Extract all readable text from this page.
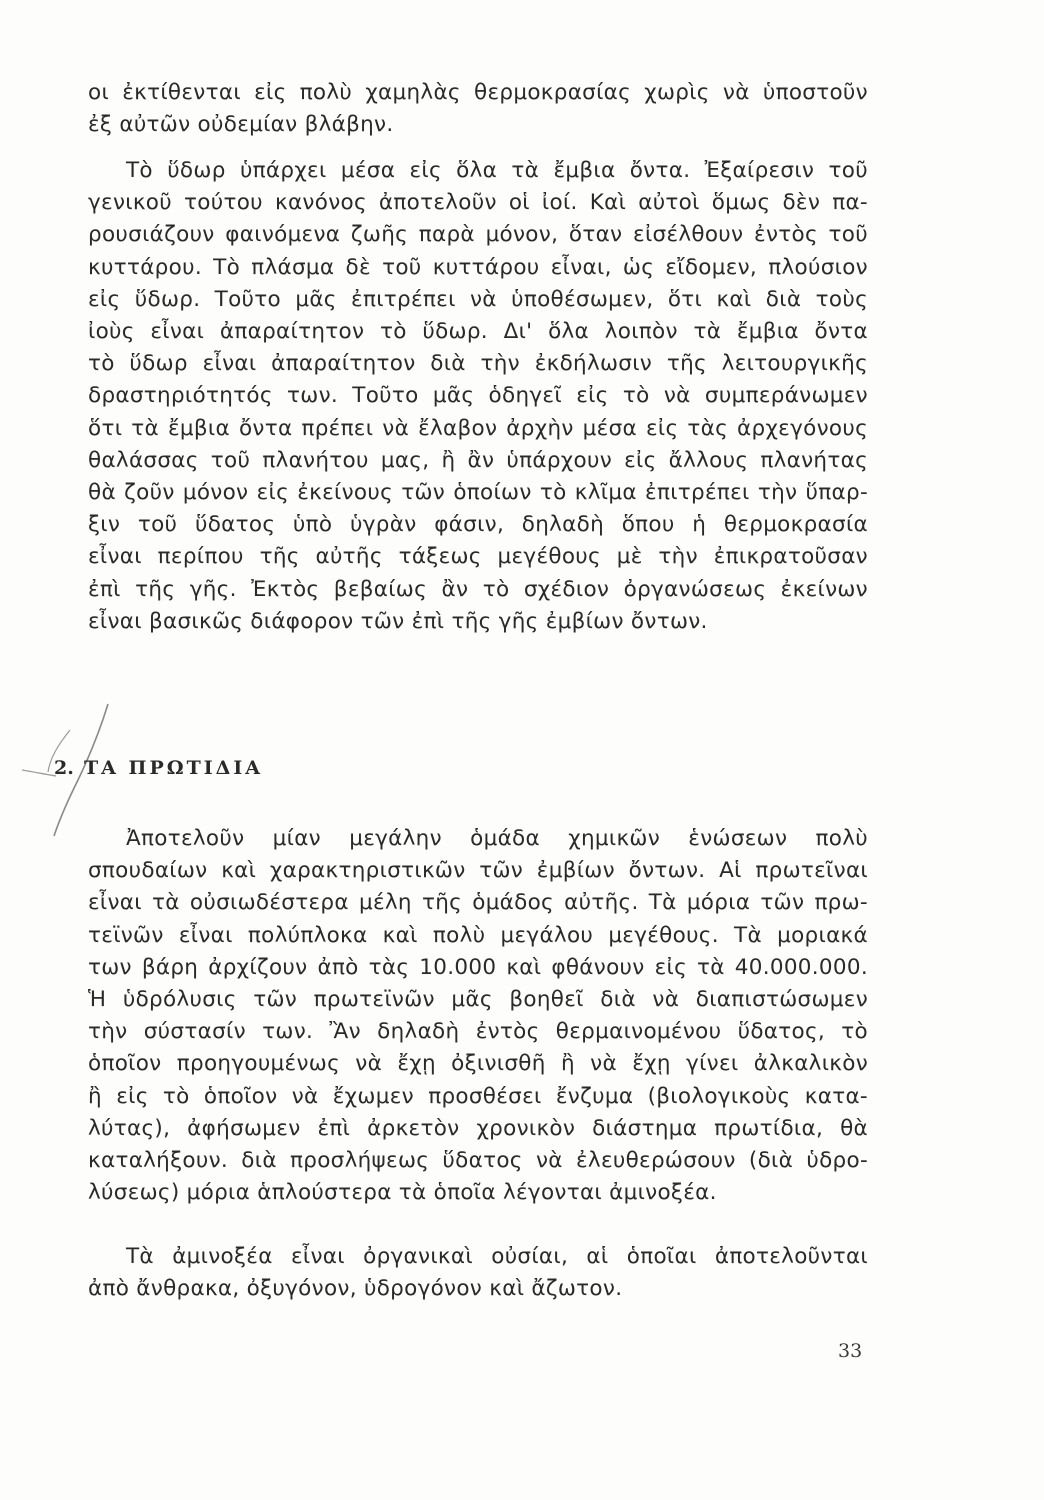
οι ἐκτίθενται εἰς πολὺ χαμηλὰς θερμοκρασίας χωρὶς νὰ ὑποστοῦν
ἐξ αὐτῶν οὐδεμίαν βλάβην.
Τὸ ὕδωρ ὑπάρχει μέσα εἰς ὅλα τὰ ἔμβια ὄντα. Ἐξαίρεσιν τοῦ
γενικοῦ τούτου κανόνος ἀποτελοῦν οἱ ἰοί. Καὶ αὐτοὶ ὅμως δὲν πα-
ρουσιάζουν φαινόμενα ζωῆς παρὰ μόνον, ὅταν εἰσέλθουν ἐντὸς τοῦ
κυττάρου. Τὸ πλάσμα δὲ τοῦ κυττάρου εἶναι, ὡς εἴδομεν, πλούσιον
εἰς ὕδωρ. Τοῦτο μᾶς ἐπιτρέπει νὰ ὑποθέσωμεν, ὅτι καὶ διὰ τοὺς
ἰοὺς εἶναι ἀπαραίτητον τὸ ὕδωρ. Δι' ὅλα λοιπὸν τὰ ἔμβια ὄντα
τὸ ὕδωρ εἶναι ἀπαραίτητον διὰ τὴν ἐκδήλωσιν τῆς λειτουργικῆς
δραστηριότητός των. Τοῦτο μᾶς ὁδηγεῖ εἰς τὸ νὰ συμπεράνωμεν
ὅτι τὰ ἔμβια ὄντα πρέπει νὰ ἔλαβον ἀρχὴν μέσα εἰς τὰς ἀρχεγόνους
θαλάσσας τοῦ πλανήτου μας, ἢ ἂν ὑπάρχουν εἰς ἄλλους πλανήτας
θὰ ζοῦν μόνον εἰς ἐκείνους τῶν ὁποίων τὸ κλῖμα ἐπιτρέπει τὴν ὕπαρ-
ξιν τοῦ ὕδατος ὑπὸ ὑγρὰν φάσιν, δηλαδὴ ὅπου ἡ θερμοκρασία
εἶναι περίπου τῆς αὐτῆς τάξεως μεγέθους μὲ τὴν ἐπικρατοῦσαν
ἐπὶ τῆς γῆς. Ἐκτὸς βεβαίως ἂν τὸ σχέδιον ὀργανώσεως ἐκείνων
εἶναι βασικῶς διάφορον τῶν ἐπὶ τῆς γῆς ἐμβίων ὄντων.
2. ΤΑ ΠΡΩΤΙΔΙΑ
Ἀποτελοῦν μίαν μεγάλην ὁμάδα χημικῶν ἑνώσεων πολὺ
σπουδαίων καὶ χαρακτηριστικῶν τῶν ἐμβίων ὄντων. Αἱ πρωτεῖναι
εἶναι τὰ οὐσιωδέστερα μέλη τῆς ὁμάδος αὐτῆς. Τὰ μόρια τῶν πρω-
τεϊνῶν εἶναι πολύπλοκα καὶ πολὺ μεγάλου μεγέθους. Τὰ μοριακά
των βάρη ἀρχίζουν ἀπὸ τὰς 10.000 καὶ φθάνουν εἰς τὰ 40.000.000.
Ἡ ὑδρόλυσις τῶν πρωτεϊνῶν μᾶς βοηθεῖ διὰ νὰ διαπιστώσωμεν
τὴν σύστασίν των. Ἂν δηλαδὴ ἐντὸς θερμαινομένου ὕδατος, τὸ
ὁποῖον προηγουμένως νὰ ἔχῃ ὀξινισθῆ ἢ νὰ ἔχῃ γίνει ἀλκαλικὸν
ἢ εἰς τὸ ὁποῖον νὰ ἔχωμεν προσθέσει ἔνζυμα (βιολογικοὺς κατα-
λύτας), ἀφήσωμεν ἐπὶ ἀρκετὸν χρονικὸν διάστημα πρωτίδια, θὰ
καταλήξουν. διὰ προσλήψεως ὕδατος νὰ ἐλευθερώσουν (διὰ ὑδρο-
λύσεως) μόρια ἁπλούστερα τὰ ὁποῖα λέγονται ἀμινοξέα.
Τὰ ἀμινοξέα εἶναι ὀργανικαὶ οὐσίαι, αἱ ὁποῖαι ἀποτελοῦνται
ἀπὸ ἄνθρακα, ὀξυγόνον, ὑδρογόνον καὶ ἄζωτον.
33
